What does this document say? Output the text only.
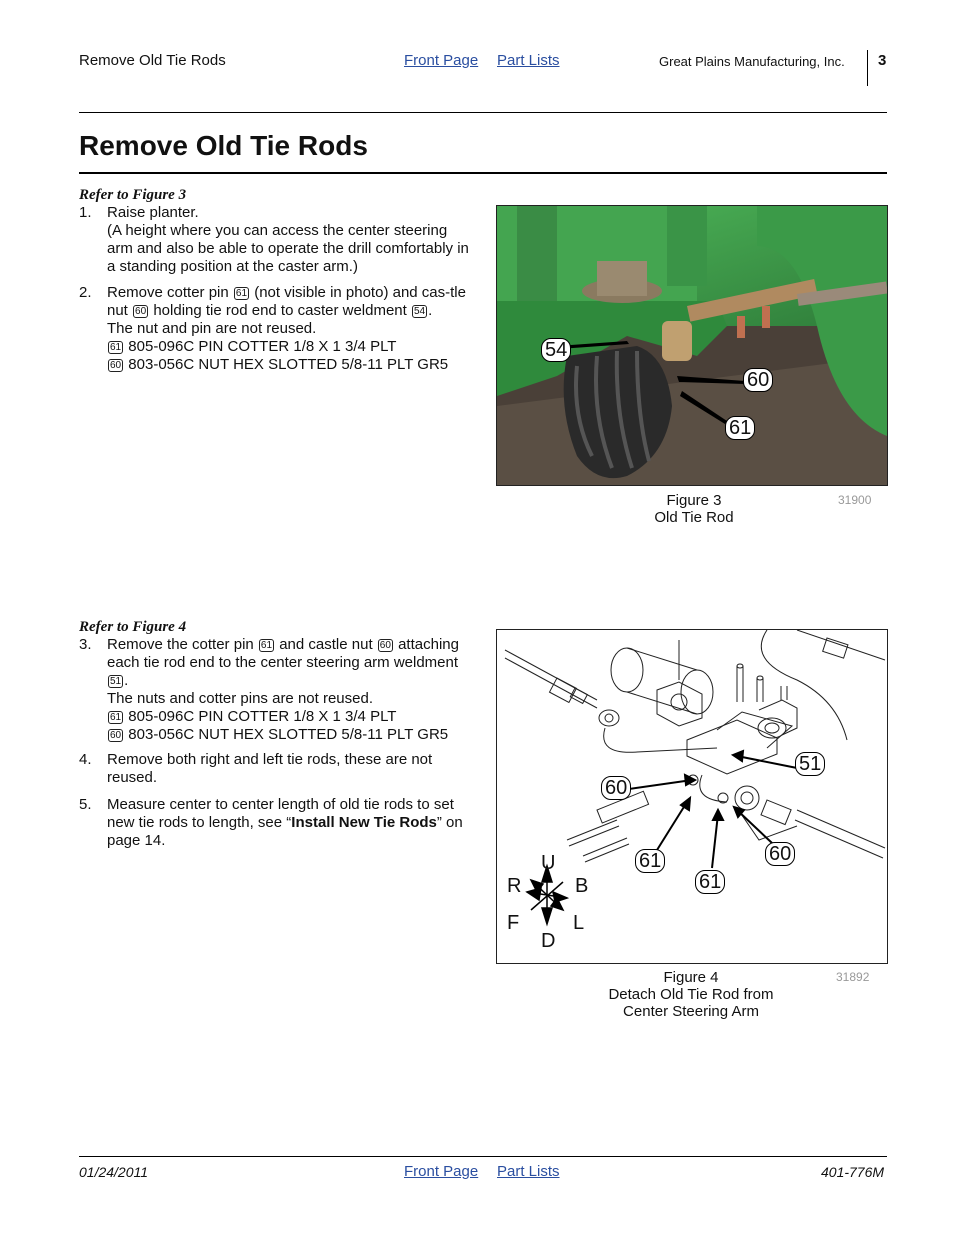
Remove Old Tie Rods	Front Page Part Lists	Great Plains Manufacturing, Inc. 3
Remove Old Tie Rods
Refer to Figure 3
1. Raise planter.
(A height where you can access the center steering arm and also be able to operate the drill comfortably in a standing position at the caster arm.)
2. Remove cotter pin 61 (not visible in photo) and cas-tle nut 60 holding tie rod end to caster weldment 54 .
The nut and pin are not reused.
61 805-096C PIN COTTER 1/8 X 1 3/4 PLT
60 803-056C NUT HEX SLOTTED 5/8-11 PLT GR5
54
60
61
Figure 3
Old Tie Rod
31900
Refer to Figure 4
3. Remove the cotter pin 61 and castle nut 60 attaching each tie rod end to the center steering arm weldment 51 .
The nuts and cotter pins are not reused.
61 805-096C PIN COTTER 1/8 X 1 3/4 PLT
60 803-056C NUT HEX SLOTTED 5/8-11 PLT GR5
4. Remove both right and left tie rods, these are not reused.
5. Measure center to center length of old tie rods to set new tie rods to length, see “Install New Tie Rods” on page 14.
51
60
60
61
61
U
D
R	B
F	L
Figure 4
Detach Old Tie Rod from
Center Steering Arm
31892
01/24/2011	Front Page Part Lists	401-776M
